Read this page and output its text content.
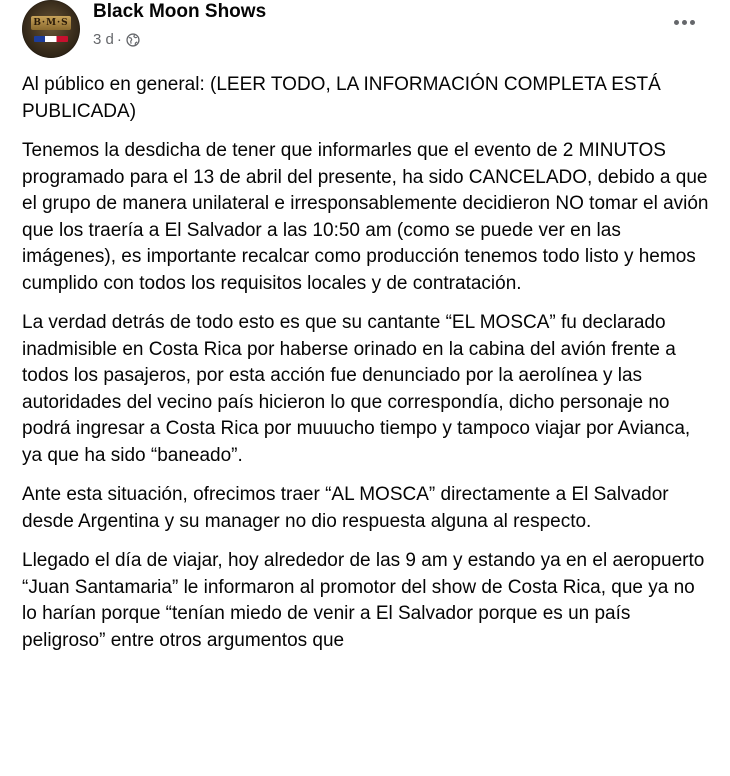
B·M·S
Black Moon Shows
3 d ·

Al público en general: (LEER TODO, LA INFORMACIÓN COMPLETA ESTÁ PUBLICADA)

Tenemos la desdicha de tener que informarles que el evento de 2 MINUTOS programado para el 13 de abril del presente, ha sido CANCELADO, debido a que el grupo de manera unilateral e irresponsablemente decidieron NO tomar el avión que los traería a El Salvador a las 10:50 am (como se puede ver en las imágenes), es importante recalcar como producción tenemos todo listo y hemos cumplido con todos los requisitos locales y de contratación.

La verdad detrás de todo esto es que su cantante “EL MOSCA” fu declarado inadmisible en Costa Rica por haberse orinado en la cabina del avión frente a todos los pasajeros, por esta acción fue denunciado por la aerolínea y las autoridades del vecino país hicieron lo que correspondía, dicho personaje no podrá ingresar a Costa Rica por muuucho tiempo y tampoco viajar por Avianca, ya que ha sido “baneado”.

Ante esta situación, ofrecimos traer “AL MOSCA” directamente a El Salvador desde Argentina y su manager no dio respuesta alguna al respecto.

Llegado el día de viajar, hoy alrededor de las 9 am y estando ya en el aeropuerto “Juan Santamaria” le informaron al promotor del show de Costa Rica, que ya no lo harían porque “tenían miedo de venir a El Salvador porque es un país peligroso” entre otros argumentos que
